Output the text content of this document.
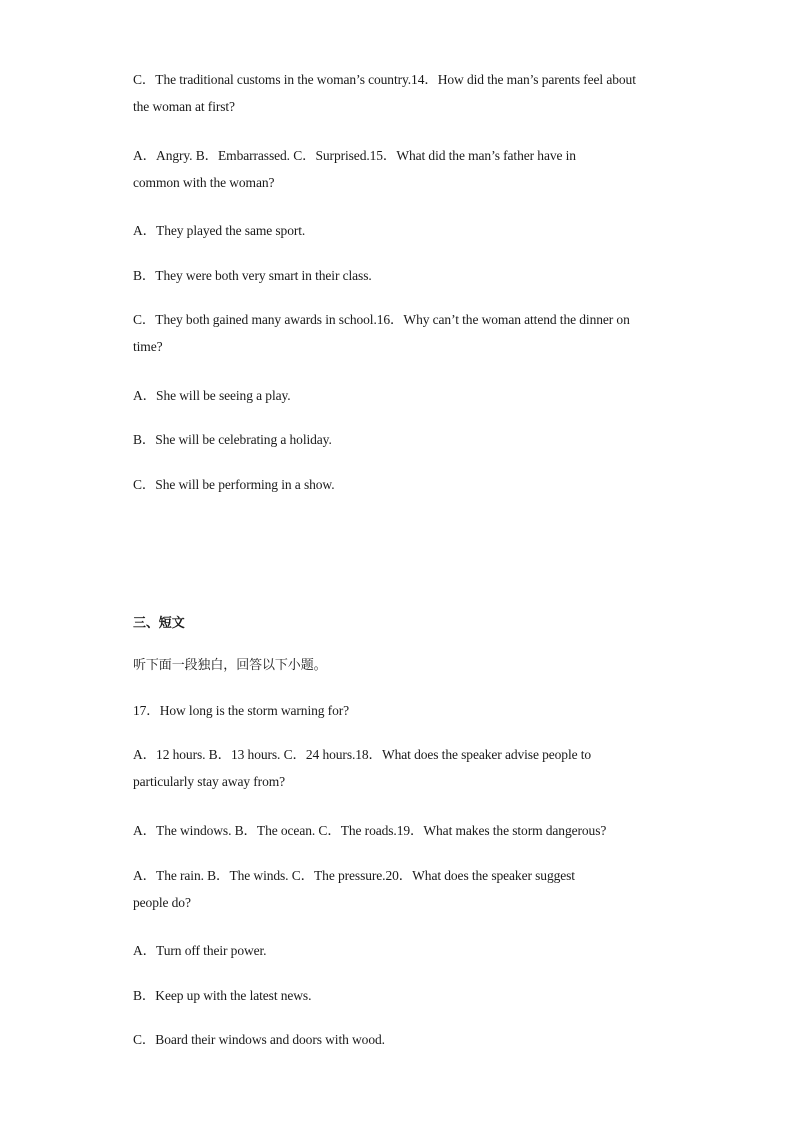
C．The traditional customs in the woman’s country.14．How did the man’s parents feel about
the woman at first?
A．Angry. B．Embarrassed. C．Surprised.15．What did the man’s father have in
common with the woman?
A．They played the same sport.
B．They were both very smart in their class.
C．They both gained many awards in school.16．Why can’t the woman attend the dinner on
time?
A．She will be seeing a play.
B．She will be celebrating a holiday.
C．She will be performing in a show.
三、短文
听下面一段独白，回答以下小题。
17．How long is the storm warning for?
A．12 hours. B．13 hours. C．24 hours.18．What does the speaker advise people to
particularly stay away from?
A．The windows. B．The ocean. C．The roads.19．What makes the storm dangerous?
A．The rain. B．The winds. C．The pressure.20．What does the speaker suggest
people do?
A．Turn off their power.
B．Keep up with the latest news.
C．Board their windows and doors with wood.
